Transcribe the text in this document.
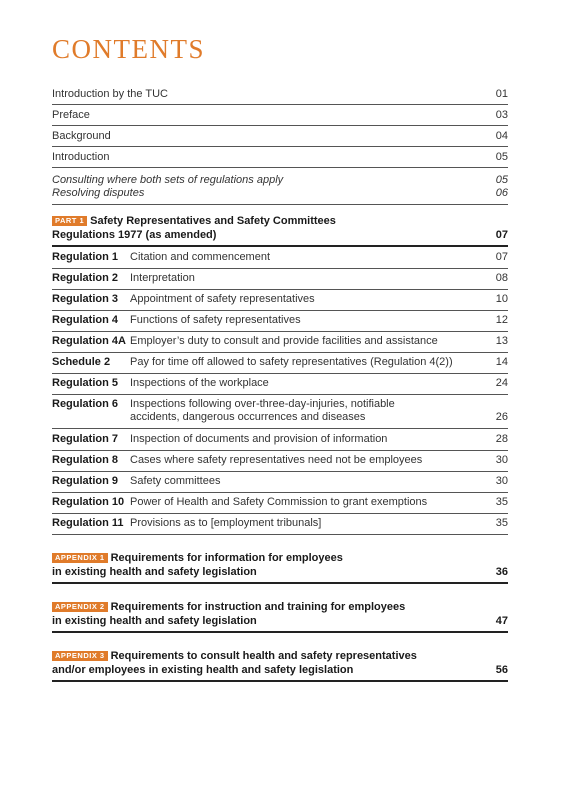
CONTENTS
Introduction by the TUC	01
Preface	03
Background	04
Introduction	05
Consulting where both sets of regulations apply	05
Resolving disputes	06
PART 1 Safety Representatives and Safety Committees
Regulations 1977 (as amended)	07
Regulation 1	Citation and commencement	07
Regulation 2	Interpretation	08
Regulation 3	Appointment of safety representatives	10
Regulation 4	Functions of safety representatives	12
Regulation 4A Employer’s duty to consult and provide facilities and assistance	13
Schedule 2	Pay for time off allowed to safety representatives (Regulation 4(2))	14
Regulation 5	Inspections of the workplace	24
Regulation 6	Inspections following over-three-day-injuries, notifiable accidents, dangerous occurrences and diseases	26
Regulation 7	Inspection of documents and provision of information	28
Regulation 8	Cases where safety representatives need not be employees	30
Regulation 9	Safety committees	30
Regulation 10 Power of Health and Safety Commission to grant exemptions	35
Regulation 11 Provisions as to [employment tribunals]	35
APPENDIX 1 Requirements for information for employees
in existing health and safety legislation	36
APPENDIX 2 Requirements for instruction and training for employees
in existing health and safety legislation	47
APPENDIX 3 Requirements to consult health and safety representatives
and/or employees in existing health and safety legislation	56
